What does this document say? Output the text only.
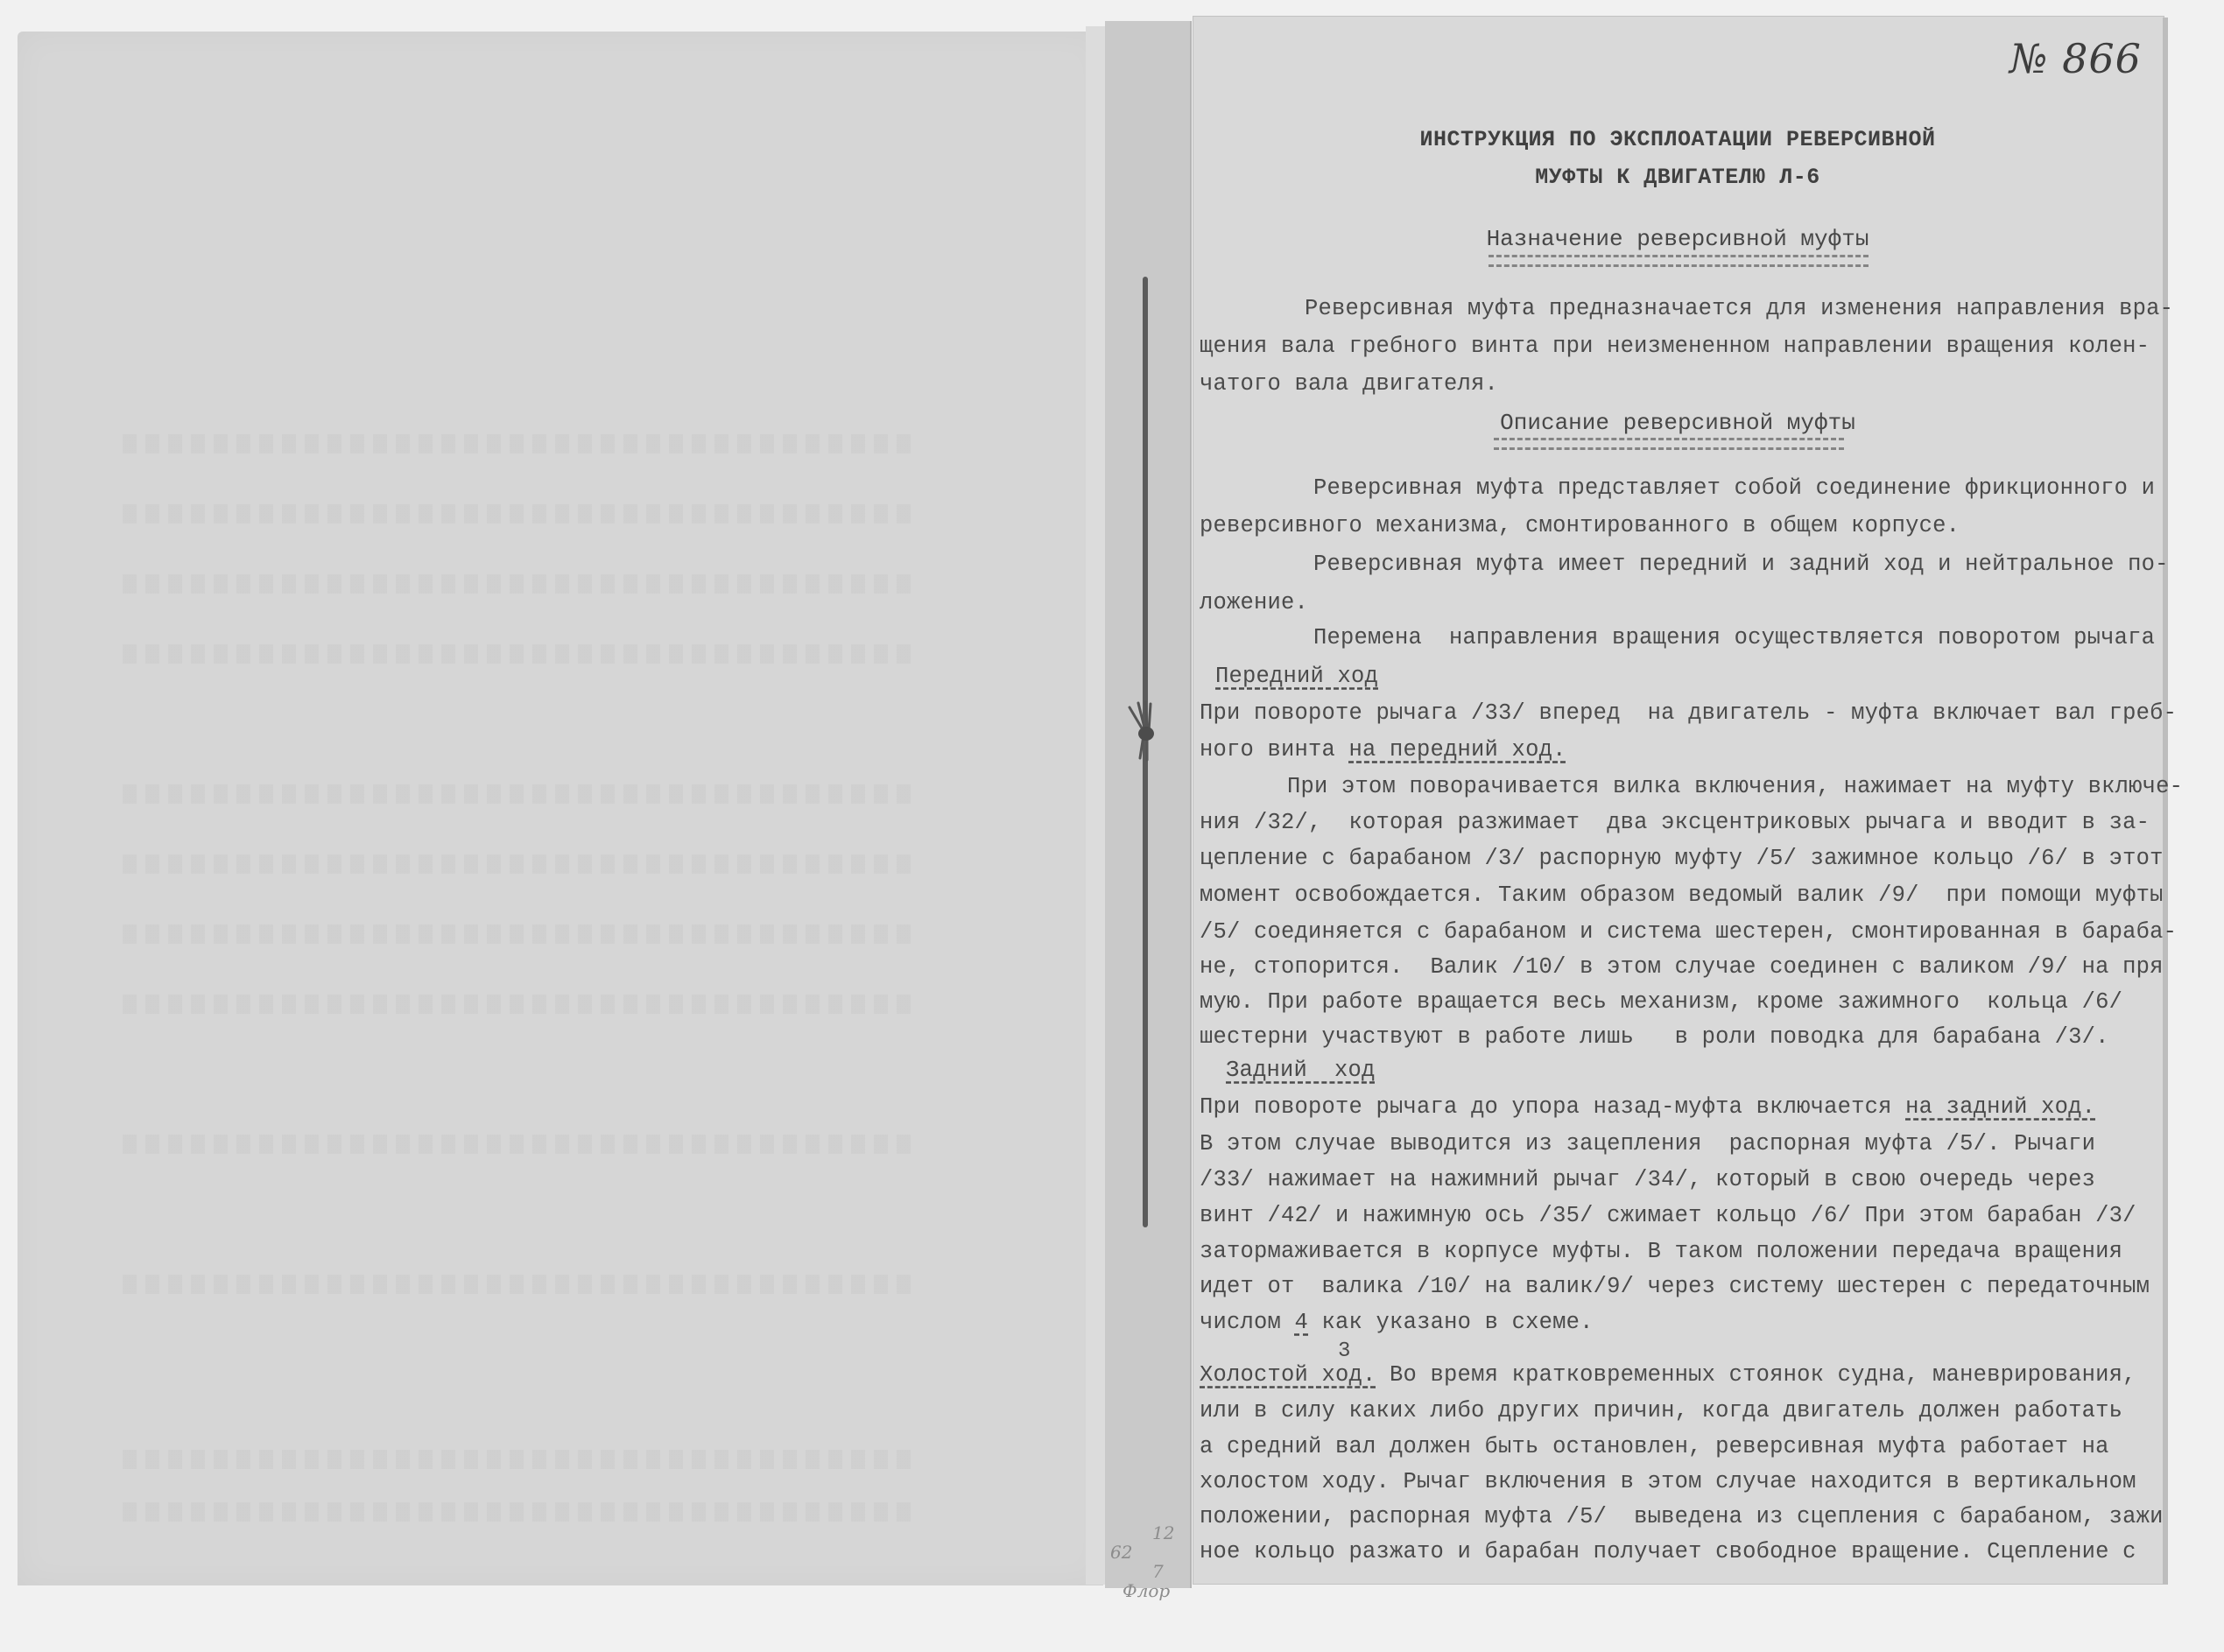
12
62
7
Флор
№ 866
ИНСТРУКЦИЯ ПО ЭКСПЛОАТАЦИИ РЕВЕРСИВНОЙ
МУФТЫ К ДВИГАТЕЛЮ Л-6
Назначение реверсивной муфты
Реверсивная муфта предназначается для изменения направления вра-
щения вала гребного винта при неизмененном направлении вращения колен-
чатого вала двигателя.
Описание реверсивной муфты
Реверсивная муфта представляет собой соединение фрикционного и
реверсивного механизма, смонтированного в общем корпусе.
Реверсивная муфта имеет передний и задний ход и нейтральное по-
ложение.
Перемена  направления вращения осуществляется поворотом рычага
Передний ход
При повороте рычага /33/ вперед  на двигатель - муфта включает вал греб-
ного винта на передний ход.
При этом поворачивается вилка включения, нажимает на муфту включе-
ния /32/,  которая разжимает  два эксцентриковых рычага и вводит в за-
цепление с барабаном /3/ распорную муфту /5/ зажимное кольцо /6/ в этот
момент освобождается. Таким образом ведомый валик /9/  при помощи муфты
/5/ соединяется с барабаном и система шестерен, смонтированная в бараба-
не, стопорится.  Валик /10/ в этом случае соединен с валиком /9/ на пря
мую. При работе вращается весь механизм, кроме зажимного  кольца /6/
шестерни участвуют в работе лишь   в роли поводка для барабана /3/.
Задний  ход
При повороте рычага до упора назад-муфта включается на задний ход.
В этом случае выводится из зацепления  распорная муфта /5/. Рычаги
/33/ нажимает на нажимний рычаг /34/, который в свою очередь через
винт /42/ и нажимную ось /35/ сжимает кольцо /6/ При этом барабан /3/
затормаживается в корпусе муфты. В таком положении передача вращения
идет от  валика /10/ на валик/9/ через систему шестерен с передаточным
числом 4 как указано в схеме.
3
Холостой ход. Во время кратковременных стоянок судна, маневрирования,
или в силу каких либо других причин, когда двигатель должен работать
а средний вал должен быть остановлен, реверсивная муфта работает на
холостом ходу. Рычаг включения в этом случае находится в вертикальном
положении, распорная муфта /5/  выведена из сцепления с барабаном, зажи
ное кольцо разжато и барабан получает свободное вращение. Сцепление с
